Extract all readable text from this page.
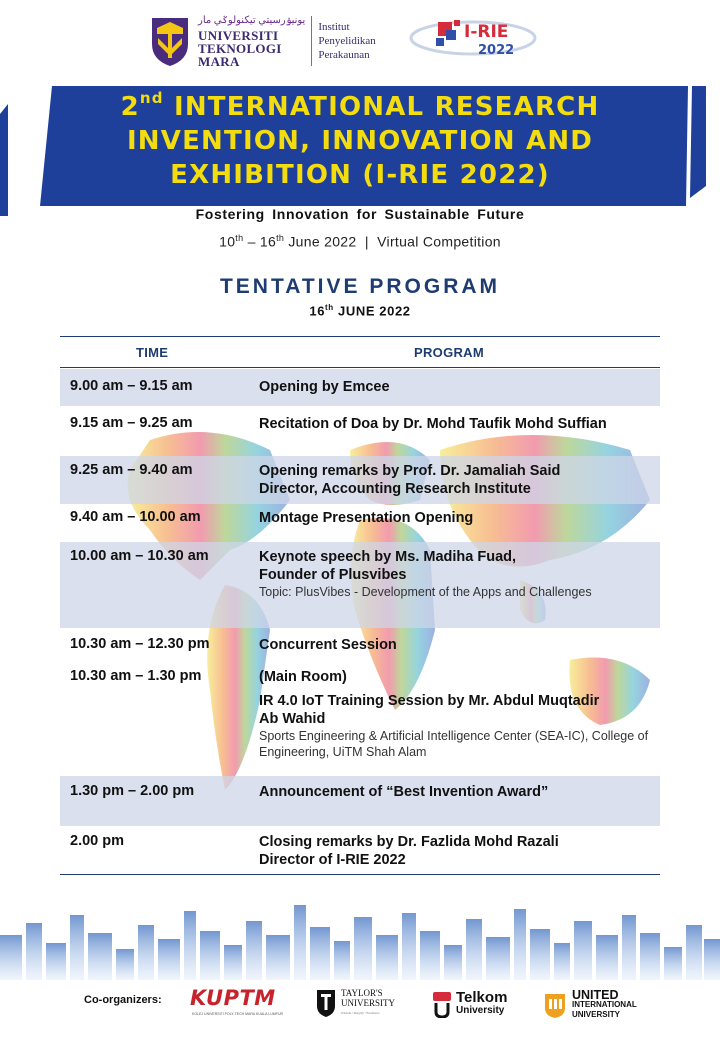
يونيۏرسيتي تيكنولوݢي مار
UNIVERSITI
TEKNOLOGI
MARA
Institut
Penyelidikan
Perakaunan
I-RIE
2022
2nd INTERNATIONAL RESEARCH
INVENTION, INNOVATION AND
EXHIBITION (I-RIE 2022)
Fostering Innovation for Sustainable Future
10th – 16th June 2022  |  Virtual Competition
TENTATIVE PROGRAM
16th JUNE 2022
TIME	PROGRAM
9.00 am – 9.15 am	Opening by Emcee
9.15 am – 9.25 am	Recitation of Doa by Dr. Mohd Taufik Mohd Suffian
9.25 am – 9.40 am	Opening remarks by Prof. Dr. Jamaliah Said
Director, Accounting Research Institute
9.40 am – 10.00 am	Montage Presentation Opening
10.00 am – 10.30 am	Keynote speech by Ms. Madiha Fuad,
Founder of Plusvibes
Topic: PlusVibes - Development of the Apps and Challenges
10.30 am – 12.30 pm	Concurrent Session
10.30 am – 1.30 pm	(Main Room)
IR 4.0 IoT Training Session by Mr. Abdul Muqtadir
Ab Wahid
Sports Engineering & Artificial Intelligence Center (SEA-IC), College of Engineering, UiTM Shah Alam
1.30 pm – 2.00 pm	Announcement of “Best Invention Award”
2.00 pm	Closing remarks by Dr. Fazlida Mohd Razali
Director of I-RIE 2022
Co-organizers: KUPTM
KOLEJ UNIVERSITI POLY-TECH MARA KUALA LUMPUR
TAYLOR'S
UNIVERSITY
Wisdom • Integrity • Excellence
Telkom
University
UNITED
INTERNATIONAL
UNIVERSITY
